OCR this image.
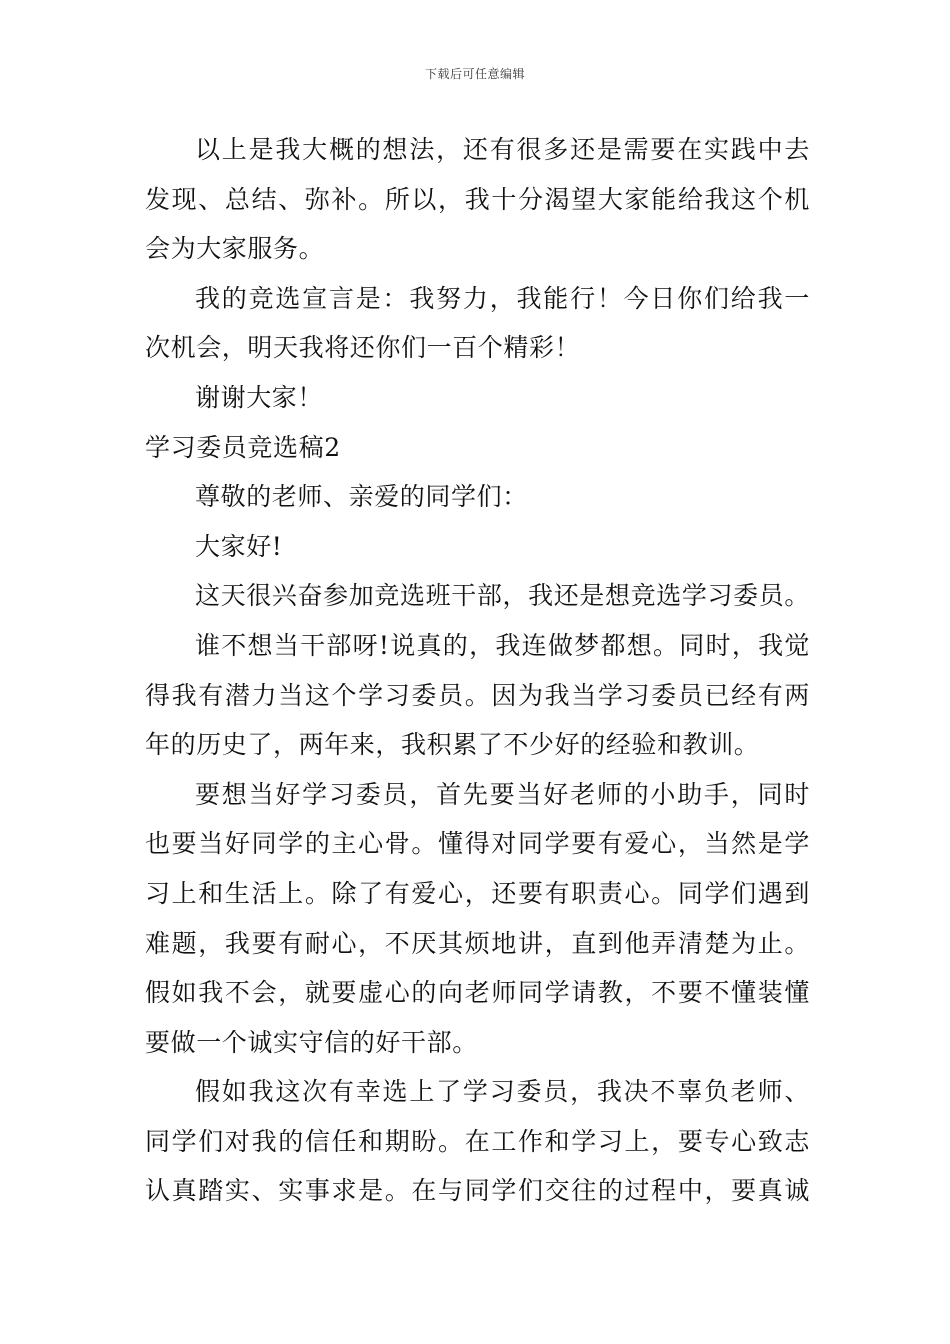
下载后可任意编辑
以上是我大概的想法，还有很多还是需要在实践中去
发现、总结、弥补。所以，我十分渴望大家能给我这个机
会为大家服务。
我的竞选宣言是：我努力，我能行！今日你们给我一
次机会，明天我将还你们一百个精彩！
谢谢大家！
学习委员竞选稿2
尊敬的老师、亲爱的同学们：
大家好!
这天很兴奋参加竞选班干部，我还是想竞选学习委员。
谁不想当干部呀!说真的，我连做梦都想。同时，我觉
得我有潜力当这个学习委员。因为我当学习委员已经有两
年的历史了，两年来，我积累了不少好的经验和教训。
要想当好学习委员，首先要当好老师的小助手，同时
也要当好同学的主心骨。懂得对同学要有爱心，当然是学
习上和生活上。除了有爱心，还要有职责心。同学们遇到
难题，我要有耐心，不厌其烦地讲，直到他弄清楚为止。
假如我不会，就要虚心的向老师同学请教，不要不懂装懂
要做一个诚实守信的好干部。
假如我这次有幸选上了学习委员，我决不辜负老师、
同学们对我的信任和期盼。在工作和学习上，要专心致志
认真踏实、实事求是。在与同学们交往的过程中，要真诚
